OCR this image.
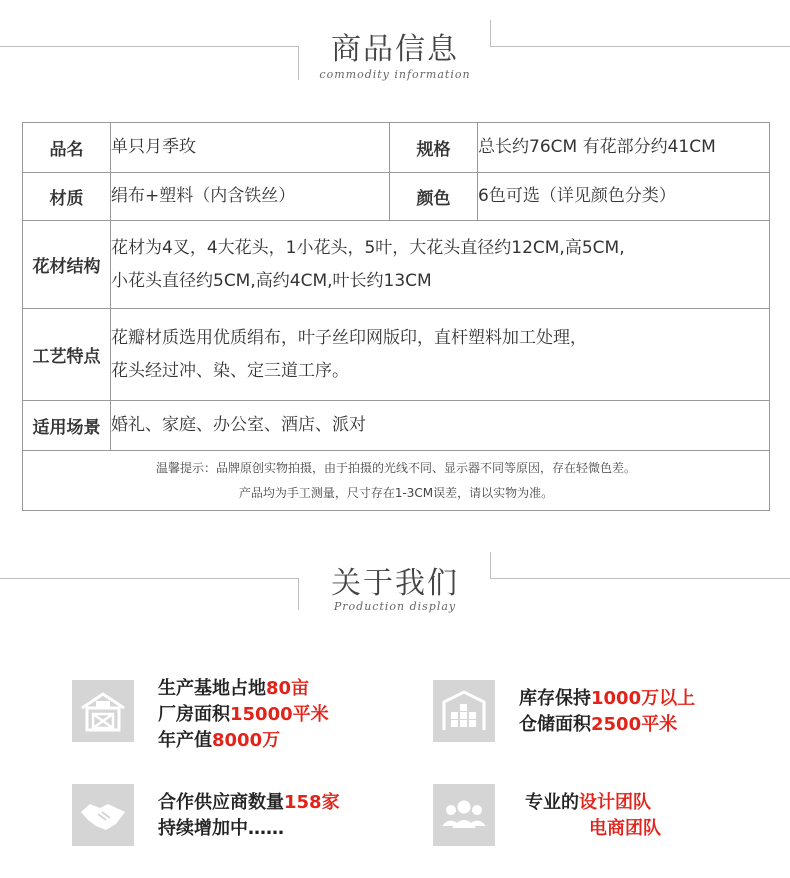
商品信息
commodity information
品名	单只月季玫	规格	总长约76CM 有花部分约41CM
材质	绢布+塑料（内含铁丝）	颜色	6色可选（详见颜色分类）
花材结构	花材为4叉，4大花头，1小花头，5叶，大花头直径约12CM,高5CM,
小花头直径约5CM,高约4CM,叶长约13CM		

工艺特点	花瓣材质选用优质绢布，叶子丝印网版印，直杆塑料加工处理，
花头经过冲、染、定三道工序。		

适用场景	婚礼、家庭、办公室、酒店、派对		

温馨提示：品牌原创实物拍摄，由于拍摄的光线不同、显示器不同等原因，存在轻微色差。
产品均为手工测量，尺寸存在1-3CM误差，请以实物为准。			
关于我们
Production display
生产基地占地80亩
厂房面积15000平米
年产值8000万
库存保持1000万以上
仓储面积2500平米
合作供应商数量158家
持续增加中……
专业的设计团队
电商团队
